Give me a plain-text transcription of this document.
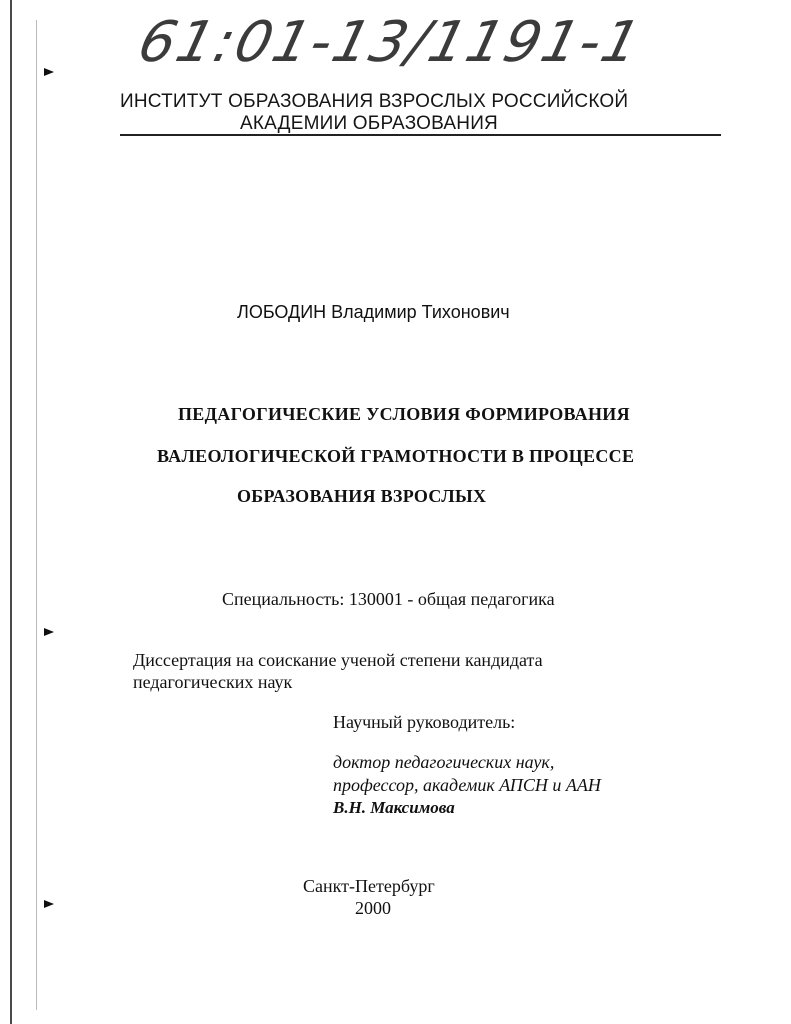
61:01-13/1191-1
ИНСТИТУТ ОБРАЗОВАНИЯ ВЗРОСЛЫХ РОССИЙСКОЙ
АКАДЕМИИ ОБРАЗОВАНИЯ
ЛОБОДИН Владимир Тихонович
ПЕДАГОГИЧЕСКИЕ УСЛОВИЯ ФОРМИРОВАНИЯ
ВАЛЕОЛОГИЧЕСКОЙ ГРАМОТНОСТИ В ПРОЦЕССЕ
ОБРАЗОВАНИЯ ВЗРОСЛЫХ
Специальность: 130001 - общая педагогика
Диссертация на соискание ученой степени кандидата
педагогических наук
Научный руководитель:
доктор педагогических наук,
профессор, академик АПСН и ААН
В.Н. Максимова
Санкт-Петербург
2000
